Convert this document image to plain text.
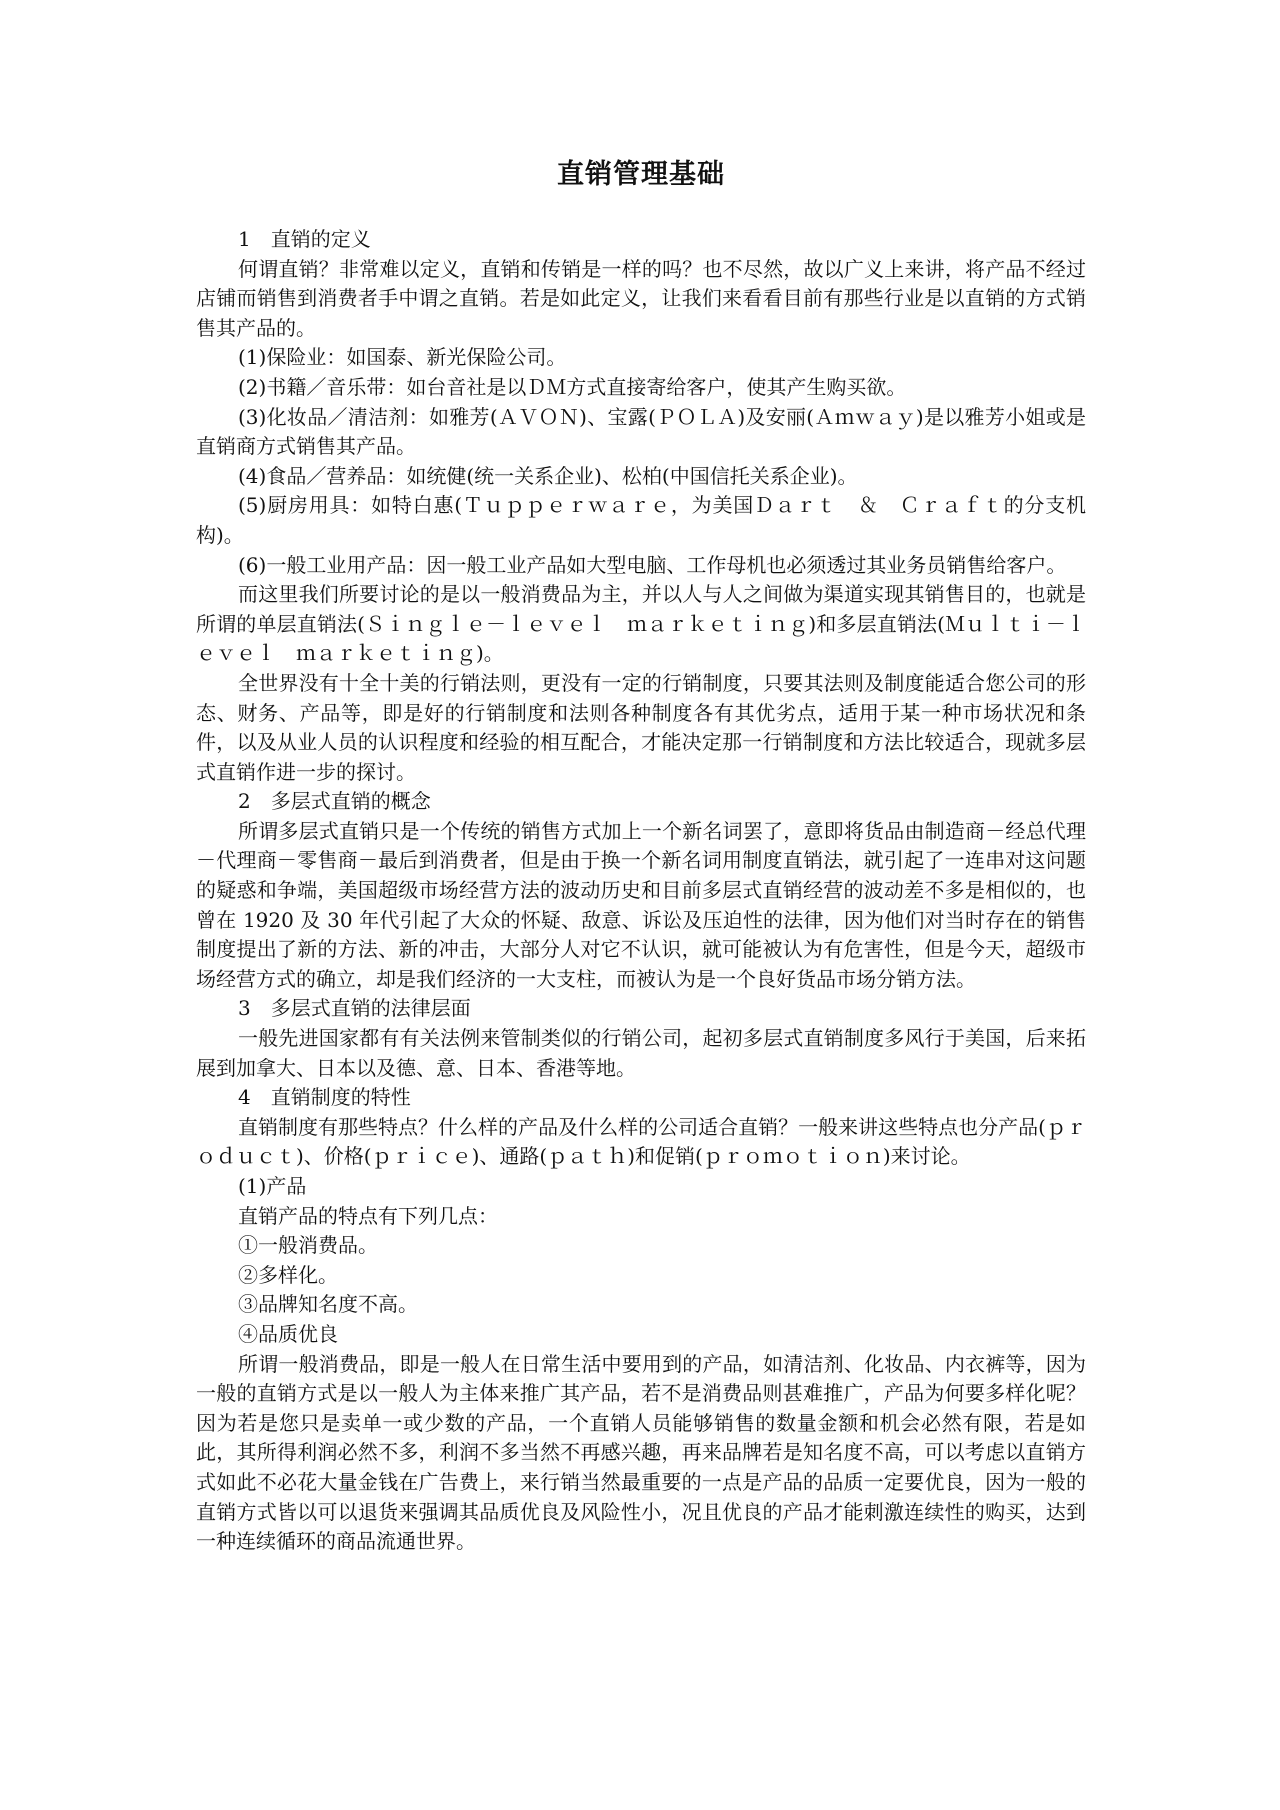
直销管理基础

1　直销的定义

何谓直销？非常难以定义，直销和传销是一样的吗？也不尽然，故以广义上来讲，将产品不经过店铺而销售到消费者手中谓之直销。若是如此定义，让我们来看看目前有那些行业是以直销的方式销售其产品的。

(1)保险业：如国泰、新光保险公司。

(2)书籍／音乐带：如台音社是以ＤＭ方式直接寄给客户，使其产生购买欲。

(3)化妆品／清洁剂：如雅芳(ＡＶＯＮ)、宝露(ＰＯＬＡ)及安丽(Ａｍｗａｙ)是以雅芳小姐或是直销商方式销售其产品。

(4)食品／营养品：如统健(统一关系企业)、松柏(中国信托关系企业)。

(5)厨房用具：如特白惠(Ｔｕｐｐｅｒｗａｒｅ，为美国Ｄａｒｔ　＆　Ｃｒａｆｔ的分支机构)。

(6)一般工业用产品：因一般工业产品如大型电脑、工作母机也必须透过其业务员销售给客户。

而这里我们所要讨论的是以一般消费品为主，并以人与人之间做为渠道实现其销售目的，也就是所谓的单层直销法(Ｓｉｎｇｌｅ－ｌｅｖｅｌ　ｍａｒｋｅｔｉｎｇ)和多层直销法(Ｍｕｌｔｉ－ｌｅｖｅｌ　ｍａｒｋｅｔｉｎｇ)。

全世界没有十全十美的行销法则，更没有一定的行销制度，只要其法则及制度能适合您公司的形态、财务、产品等，即是好的行销制度和法则各种制度各有其优劣点，适用于某一种市场状况和条件，以及从业人员的认识程度和经验的相互配合，才能决定那一行销制度和方法比较适合，现就多层式直销作进一步的探讨。

2　多层式直销的概念

所谓多层式直销只是一个传统的销售方式加上一个新名词罢了，意即将货品由制造商－经总代理－代理商－零售商－最后到消费者，但是由于换一个新名词用制度直销法，就引起了一连串对这问题的疑惑和争端，美国超级市场经营方法的波动历史和目前多层式直销经营的波动差不多是相似的，也曾在 1920 及 30 年代引起了大众的怀疑、敌意、诉讼及压迫性的法律，因为他们对当时存在的销售制度提出了新的方法、新的冲击，大部分人对它不认识，就可能被认为有危害性，但是今天，超级市场经营方式的确立，却是我们经济的一大支柱，而被认为是一个良好货品市场分销方法。

3　多层式直销的法律层面

一般先进国家都有有关法例来管制类似的行销公司，起初多层式直销制度多风行于美国，后来拓展到加拿大、日本以及德、意、日本、香港等地。

4　直销制度的特性

直销制度有那些特点？什么样的产品及什么样的公司适合直销？一般来讲这些特点也分产品(ｐｒｏｄｕｃｔ)、价格(ｐｒｉｃｅ)、通路(ｐａｔｈ)和促销(ｐｒｏｍｏｔｉｏｎ)来讨论。

(1)产品

直销产品的特点有下列几点：

①一般消费品。

②多样化。

③品牌知名度不高。

④品质优良

所谓一般消费品，即是一般人在日常生活中要用到的产品，如清洁剂、化妆品、内衣裤等，因为一般的直销方式是以一般人为主体来推广其产品，若不是消费品则甚难推广，产品为何要多样化呢？因为若是您只是卖单一或少数的产品，一个直销人员能够销售的数量金额和机会必然有限，若是如此，其所得利润必然不多，利润不多当然不再感兴趣，再来品牌若是知名度不高，可以考虑以直销方式如此不必花大量金钱在广告费上，来行销当然最重要的一点是产品的品质一定要优良，因为一般的直销方式皆以可以退货来强调其品质优良及风险性小，况且优良的产品才能刺激连续性的购买，达到一种连续循环的商品流通世界。
